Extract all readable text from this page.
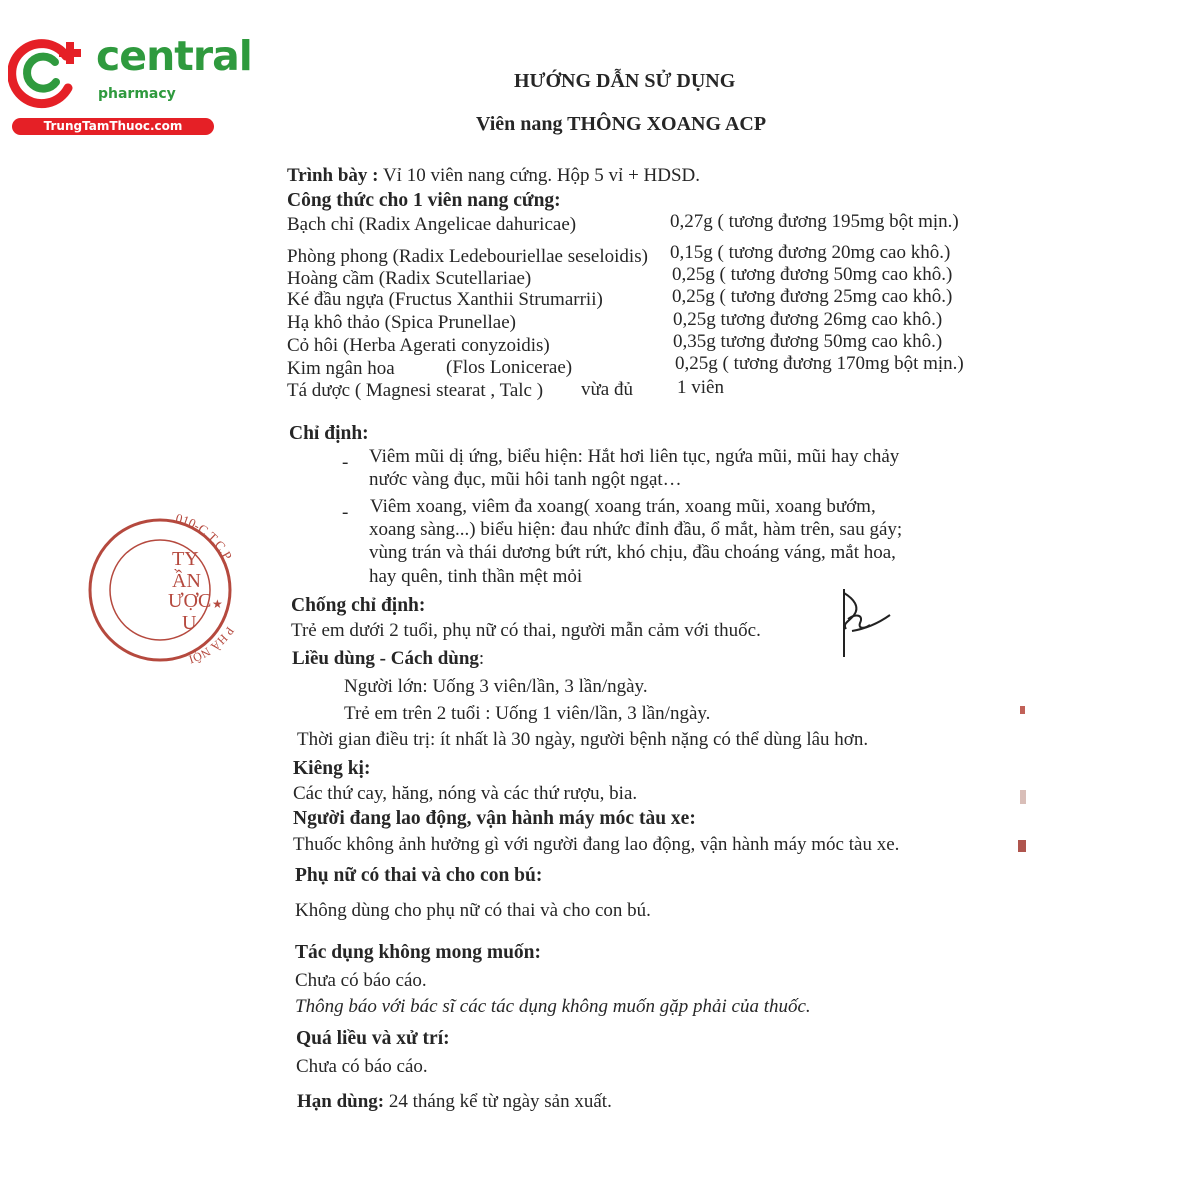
central
pharmacy
TrungTamThuoc.com
HƯỚNG DẪN SỬ DỤNG
Viên nang THÔNG XOANG ACP
Trình bày : Vỉ 10 viên nang cứng. Hộp 5 vỉ + HDSD.
Công thức cho 1 viên nang cứng:
Bạch chỉ (Radix Angelicae dahuricae)	0,27g ( tương đương 195mg bột mịn.)
Phòng phong (Radix Ledebouriellae seseloidis) 0,15g ( tương đương 20mg cao khô.)
Hoàng cầm (Radix Scutellariae)	0,25g ( tương đương 50mg cao khô.)
Ké đầu ngựa (Fructus Xanthii Strumarrii)	0,25g ( tương đương 25mg cao khô.)
Hạ khô thảo (Spica Prunellae)	0,25g tương đương 26mg cao khô.)
Cỏ hôi (Herba Agerati conyzoidis)	0,35g tương đương 50mg cao khô.)
Kim ngân hoa	(Flos Lonicerae)	0,25g ( tương đương 170mg bột mịn.)
Tá dược ( Magnesi stearat , Talc ) vừa đủ 1 viên
Chỉ định:
- Viêm mũi dị ứng, biểu hiện: Hắt hơi liên tục, ngứa mũi, mũi hay chảy
nước vàng đục, mũi hôi tanh ngột ngạt…
- Viêm xoang, viêm đa xoang( xoang trán, xoang mũi, xoang bướm,
xoang sàng...) biểu hiện: đau nhức đỉnh đầu, ổ mắt, hàm trên, sau gáy;
vùng trán và thái dương bứt rứt, khó chịu, đầu choáng váng, mắt hoa,
hay quên, tinh thần mệt mỏi
Chống chỉ định:
Trẻ em dưới 2 tuổi, phụ nữ có thai, người mẫn cảm với thuốc.
Liều dùng - Cách dùng:
Người lớn: Uống 3 viên/lần, 3 lần/ngày.
Trẻ em trên 2 tuổi : Uống 1 viên/lần, 3 lần/ngày.
Thời gian điều trị: ít nhất là 30 ngày, người bệnh nặng có thể dùng lâu hơn.
Kiêng kị:
Các thứ cay, hăng, nóng và các thứ rượu, bia.
Người đang lao động, vận hành máy móc tàu xe:
Thuốc không ảnh hưởng gì với người đang lao động, vận hành máy móc tàu xe.
Phụ nữ có thai và cho con bú:
Không dùng cho phụ nữ có thai và cho con bú.
Tác dụng không mong muốn:
Chưa có báo cáo.
Thông báo với bác sĩ các tác dụng không muốn gặp phải của thuốc.
Quá liều và xử trí:
Chưa có báo cáo.
Hạn dùng: 24 tháng kể từ ngày sản xuất.
010-C.T.C.P
P HÀ NỘI
★
TY
ẦN
ƯỢC
U
